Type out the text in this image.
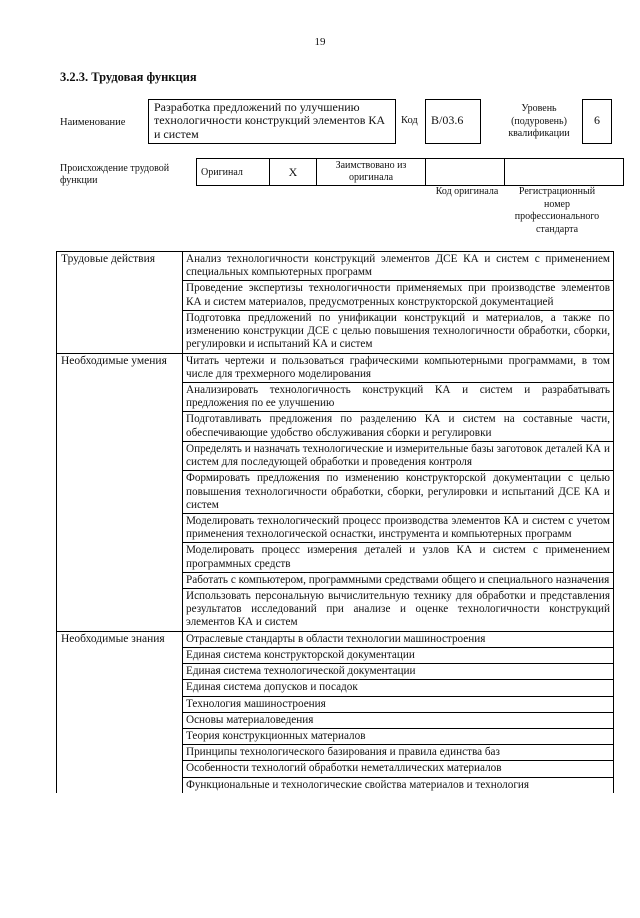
19
3.2.3. Трудовая функция
Наименование
Разработка предложений по улучшению технологичности конструкций элементов КА и систем
Код	B/03.6
Уровень (подуровень) квалификации
6
Происхождение трудовой функции
Оригинал	X	Заимствовано из оригинала		
Код оригинала	Регистрационный номер профессионального стандарта
Трудовые действия	Анализ технологичности конструкций элементов ДСЕ КА и систем с применением специальных компьютерных программ
	Проведение экспертизы технологичности применяемых при производстве элементов КА и систем материалов, предусмотренных конструкторской документацией
	Подготовка предложений по унификации конструкций и материалов, а также по изменению конструкции ДСЕ с целью повышения технологичности обработки, сборки, регулировки и испытаний КА и систем
Необходимые умения	Читать чертежи и пользоваться графическими компьютерными программами, в том числе для трехмерного моделирования
	Анализировать технологичность конструкций КА и систем и разрабатывать предложения по ее улучшению
	Подготавливать предложения по разделению КА и систем на составные части, обеспечивающие удобство обслуживания сборки и регулировки
	Определять и назначать технологические и измерительные базы заготовок деталей КА и систем для последующей обработки и проведения контроля
	Формировать предложения по изменению конструкторской документации с целью повышения технологичности обработки, сборки, регулировки и испытаний ДСЕ КА и систем
	Моделировать технологический процесс производства элементов КА и систем с учетом применения технологической оснастки, инструмента и компьютерных программ
	Моделировать процесс измерения деталей и узлов КА и систем с применением программных средств
	Работать с компьютером, программными средствами общего и специального назначения
	Использовать персональную вычислительную технику для обработки и представления результатов исследований при анализе и оценке технологичности конструкций элементов КА и систем
Необходимые знания	Отраслевые стандарты в области технологии машиностроения
	Единая система конструкторской документации
	Единая система технологической документации
	Единая система допусков и посадок
	Технология машиностроения
	Основы материаловедения
	Теория конструкционных материалов
	Принципы технологического базирования и правила единства баз
	Особенности технологий обработки неметаллических материалов
	Функциональные и технологические свойства материалов и технология
